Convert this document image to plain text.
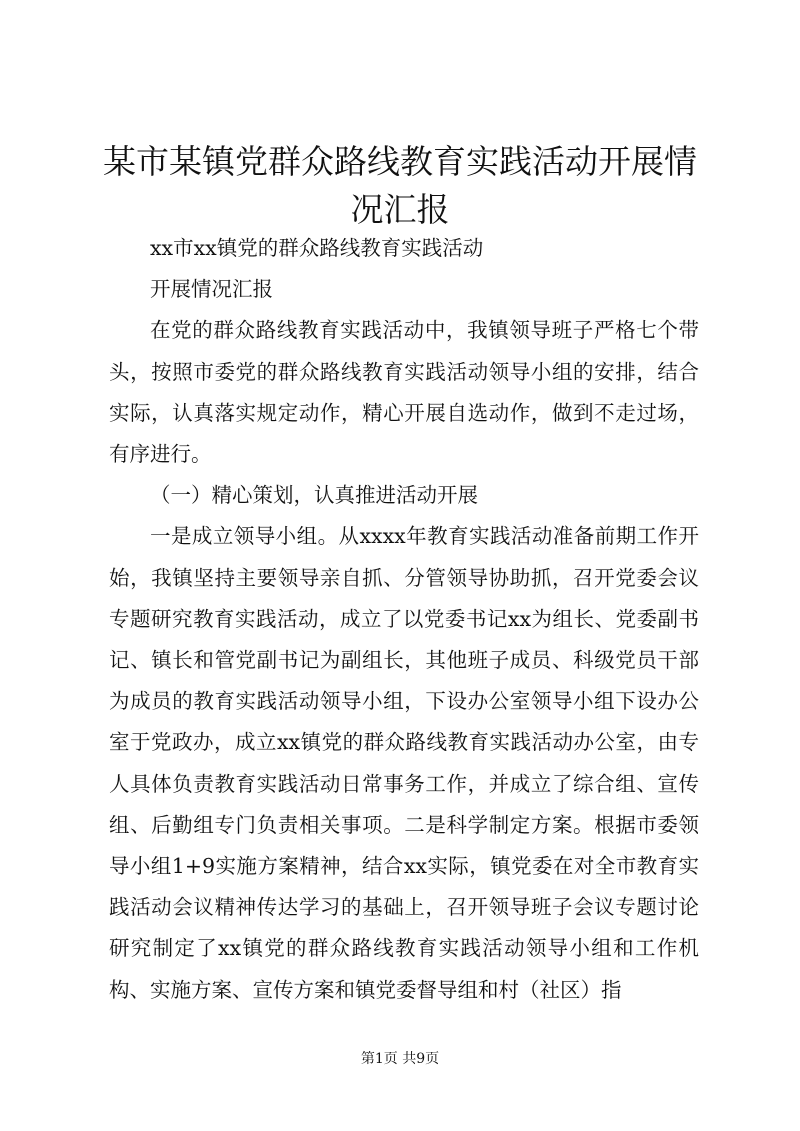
某市某镇党群众路线教育实践活动开展情况汇报

xx市xx镇党的群众路线教育实践活动

开展情况汇报

在党的群众路线教育实践活动中，我镇领导班子严格七个带头，按照市委党的群众路线教育实践活动领导小组的安排，结合实际，认真落实规定动作，精心开展自选动作，做到不走过场，有序进行。

（一）精心策划，认真推进活动开展

一是成立领导小组。从xxxx年教育实践活动准备前期工作开始，我镇坚持主要领导亲自抓、分管领导协助抓，召开党委会议专题研究教育实践活动，成立了以党委书记xx为组长、党委副书记、镇长和管党副书记为副组长，其他班子成员、科级党员干部为成员的教育实践活动领导小组，下设办公室领导小组下设办公室于党政办，成立xx镇党的群众路线教育实践活动办公室，由专人具体负责教育实践活动日常事务工作，并成立了综合组、宣传组、后勤组专门负责相关事项。二是科学制定方案。根据市委领导小组1+9实施方案精神，结合xx实际，镇党委在对全市教育实践活动会议精神传达学习的基础上，召开领导班子会议专题讨论研究制定了xx镇党的群众路线教育实践活动领导小组和工作机构、实施方案、宣传方案和镇党委督导组和村（社区）指

第1页 共9页
